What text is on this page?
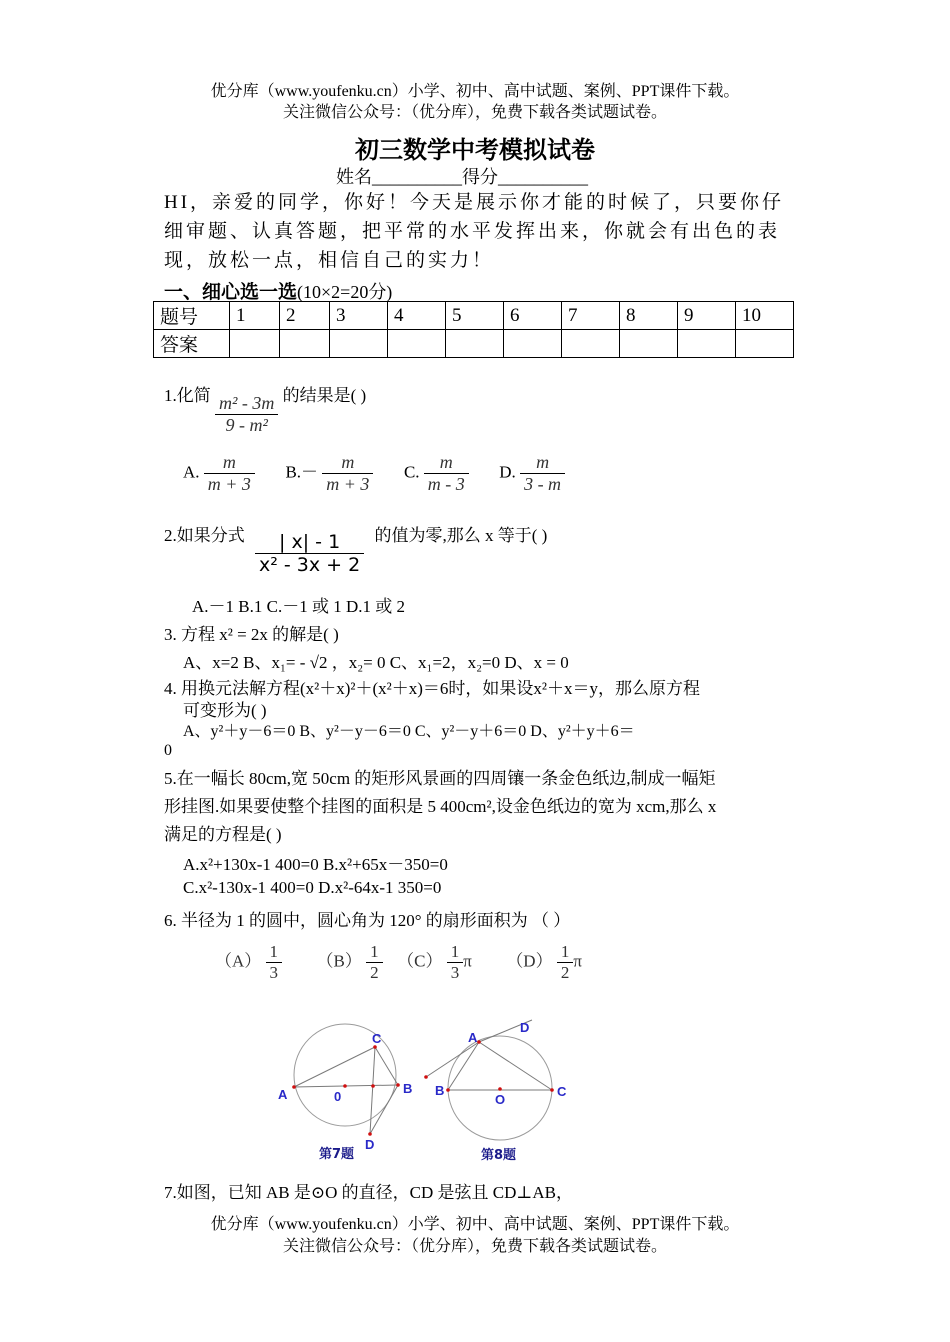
优分库（www.youfenku.cn）小学、初中、高中试题、案例、PPT课件下载。
关注微信公众号：（优分库），免费下载各类试题试卷。
初三数学中考模拟试卷
姓名__________得分__________
HI，亲爱的同学，你好！今天是展示你才能的时候了，只要你仔细审题、认真答题，把平常的水平发挥出来，你就会有出色的表现，放松一点，相信自己的实力！
一、细心选一选(10×2=20分)
题号	1	2	3	4	5	6	7	8	9	10
答案										
1.化简 $\frac{\text{m² - 3m}}{\text{9 - m²}}$ 的结果是( )
A. $\frac{m}{m + 3} B.- \frac{m}{m + 3} C$. $\frac{m}{m - 3} D$. $\frac{m}{3 - m}$
2.如果分式 $\frac{| x| - 1}{\text{x² - 3x + 2}}$ 的值为零,那么 x 等于( )
A.－1 B.1 C.－1 或 1 D.1 或 2
3. 方程 x² = 2x 的解是( )
A、x=2 B、x₁= - √2 ，x₂= 0 C、x₁=2，x₂=0 D、x = 0
4. 用换元法解方程(x²＋x)²＋(x²＋x)＝6时，如果设x²＋x＝y，那么原方程
可变形为( )
A、y²＋y－6＝0 B、y²－y－6＝0 C、y²－y＋6＝0 D、y²＋y＋6＝
0
5.在一幅长 80cm,宽 50cm 的矩形风景画的四周镶一条金色纸边,制成一幅矩
形挂图.如果要使整个挂图的面积是 5 400cm²,设金色纸边的宽为 xcm,那么 x
满足的方程是( )
A.x²+130x-1 400=0 B.x²+65x－350=0
C.x²-130x-1 400=0 D.x²-64x-1 350=0
6. 半径为 1 的圆中，圆心角为 120° 的扇形面积为 （ ）
$(A) \frac{1}{3} (B) \frac{1}{2} (C) \frac{1}{3}$ π $(D) \frac{1}{2}$ π
A	0
B
C
D
第7题
A
B
O
C
D
第8题
7.如图，已知 AB 是⊙O 的直径，CD 是弦且 CD⊥AB，
优分库（www.youfenku.cn）小学、初中、高中试题、案例、PPT课件下载。
关注微信公众号：（优分库），免费下载各类试题试卷。
